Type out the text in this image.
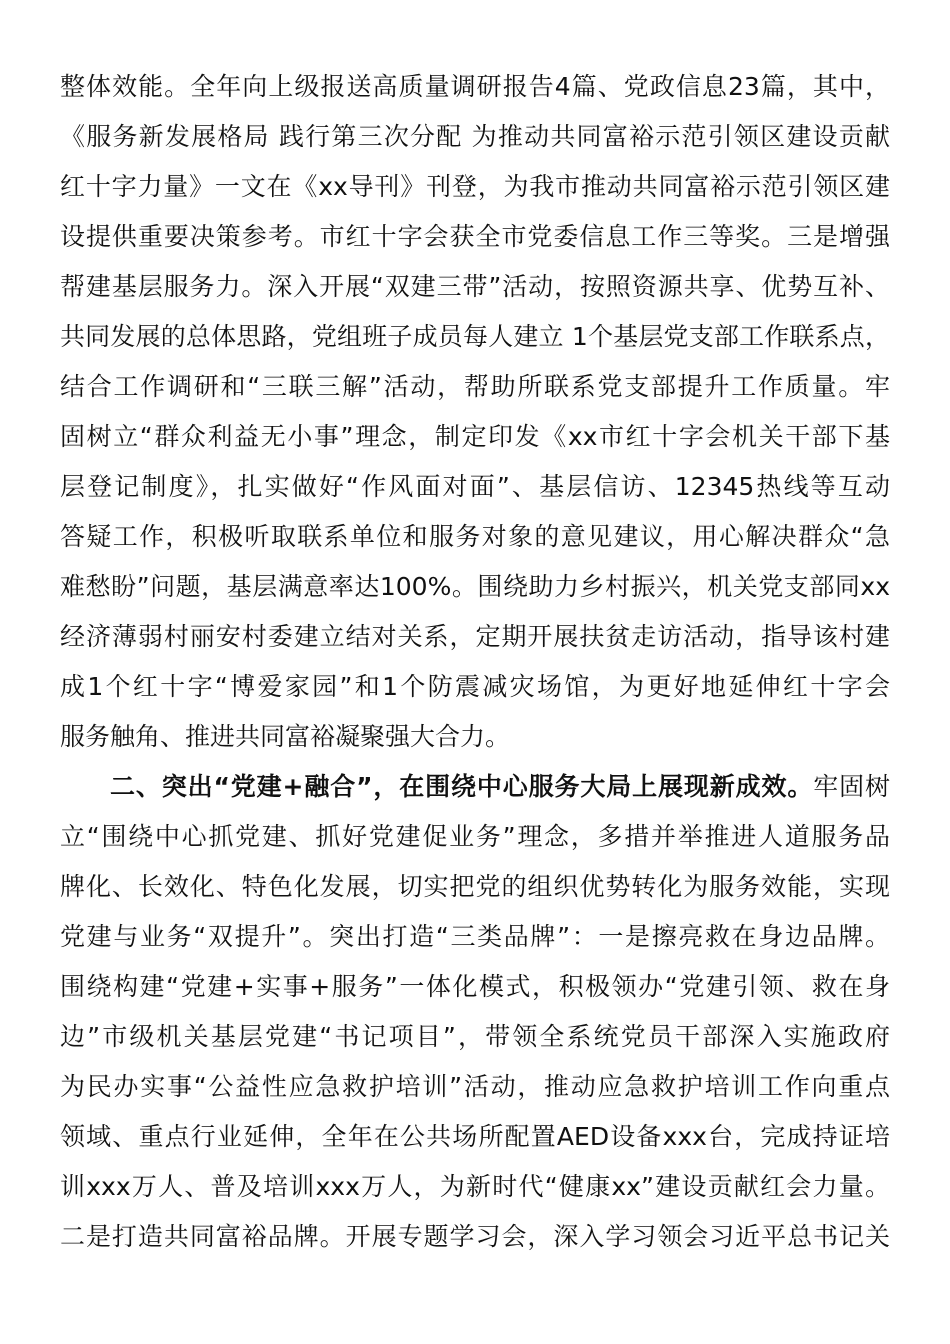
整体效能。全年向上级报送高质量调研报告4篇、党政信息23篇，其中，
《服务新发展格局 践行第三次分配 为推动共同富裕示范引领区建设贡献
红十字力量》一文在《xx导刊》刊登，为我市推动共同富裕示范引领区建
设提供重要决策参考。市红十字会获全市党委信息工作三等奖。三是增强
帮建基层服务力。深入开展“双建三带”活动，按照资源共享、优势互补、
共同发展的总体思路，党组班子成员每人建立 1个基层党支部工作联系点，
结合工作调研和“三联三解”活动，帮助所联系党支部提升工作质量。牢
固树立“群众利益无小事”理念，制定印发《xx市红十字会机关干部下基
层登记制度》，扎实做好“作风面对面”、基层信访、12345热线等互动
答疑工作，积极听取联系单位和服务对象的意见建议，用心解决群众“急
难愁盼”问题，基层满意率达100%。围绕助力乡村振兴，机关党支部同xx
经济薄弱村丽安村委建立结对关系，定期开展扶贫走访活动，指导该村建
成1个红十字“博爱家园”和1个防震减灾场馆，为更好地延伸红十字会
服务触角、推进共同富裕凝聚强大合力。
二、突出“党建+融合”，在围绕中心服务大局上展现新成效。牢固树
立“围绕中心抓党建、抓好党建促业务”理念，多措并举推进人道服务品
牌化、长效化、特色化发展，切实把党的组织优势转化为服务效能，实现
党建与业务“双提升”。突出打造“三类品牌”：一是擦亮救在身边品牌。
围绕构建“党建+实事+服务”一体化模式，积极领办“党建引领、救在身
边”市级机关基层党建“书记项目”，带领全系统党员干部深入实施政府
为民办实事“公益性应急救护培训”活动，推动应急救护培训工作向重点
领域、重点行业延伸，全年在公共场所配置AED设备xxx台，完成持证培
训xxx万人、普及培训xxx万人，为新时代“健康xx”建设贡献红会力量。
二是打造共同富裕品牌。开展专题学习会，深入学习领会习近平总书记关
